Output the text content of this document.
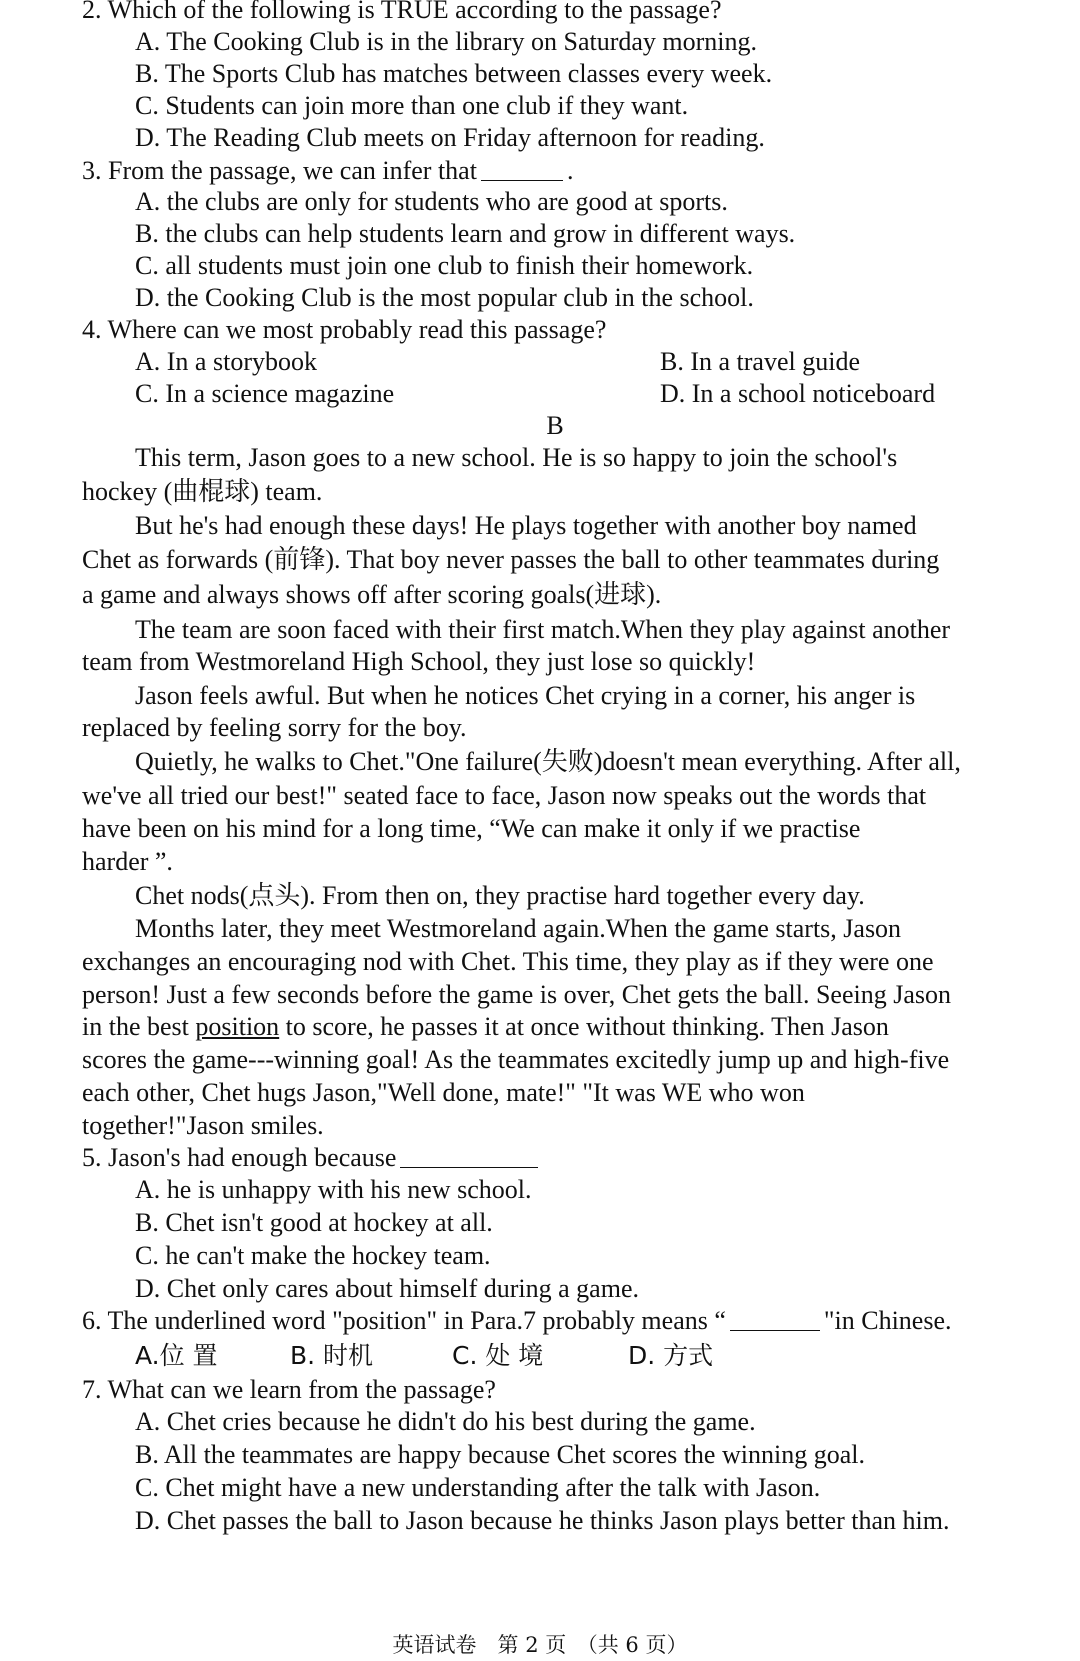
2. Which of the following is TRUE according to the passage?
A. The Cooking Club is in the library on Saturday morning.
B. The Sports Club has matches between classes every week.
C. Students can join more than one club if they want.
D. The Reading Club meets on Friday afternoon for reading.
3. From the passage, we can infer that	.
A. the clubs are only for students who are good at sports.
B. the clubs can help students learn and grow in different ways.
C. all students must join one club to finish their homework.
D. the Cooking Club is the most popular club in the school.
4. Where can we most probably read this passage?
A. In a storybook	B. In a travel guide
C. In a science magazine	D. In a school noticeboard
B
This term, Jason goes to a new school. He is so happy to join the school's
hockey (曲棍球) team.
But he's had enough these days! He plays together with another boy named
Chet as forwards (前锋). That boy never passes the ball to other teammates during
a game and always shows off after scoring goals(进球).
The team are soon faced with their first match.When they play against another
team from Westmoreland High School, they just lose so quickly!
Jason feels awful. But when he notices Chet crying in a corner, his anger is
replaced by feeling sorry for the boy.
Quietly, he walks to Chet."One failure(失败)doesn't mean everything. After all,
we've all tried our best!" seated face to face, Jason now speaks out the words that
have been on his mind for a long time, “We can make it only if we practise
harder ”.
Chet nods(点头). From then on, they practise hard together every day.
Months later, they meet Westmoreland again.When the game starts, Jason
exchanges an encouraging nod with Chet. This time, they play as if they were one
person! Just a few seconds before the game is over, Chet gets the ball. Seeing Jason
in the best position to score, he passes it at once without thinking. Then Jason
scores the game---winning goal! As the teammates excitedly jump up and high-five
each other, Chet hugs Jason,"Well done, mate!" "It was WE who won
together!"Jason smiles.
5. Jason's had enough because
A. he is unhappy with his new school.
B. Chet isn't good at hockey at all.
C. he can't make the hockey team.
D. Chet only cares about himself during a game.
6. The underlined word "position" in Para.7 probably means “	"in Chinese.
A.位 置	B. 时机	C. 处 境	D. 方式
7. What can we learn from the passage?
A. Chet cries because he didn't do his best during the game.
B. All the teammates are happy because Chet scores the winning goal.
C. Chet might have a new understanding after the talk with Jason.
D. Chet passes the ball to Jason because he thinks Jason plays better than him.
英语试卷　第 2 页　（共 6 页）
